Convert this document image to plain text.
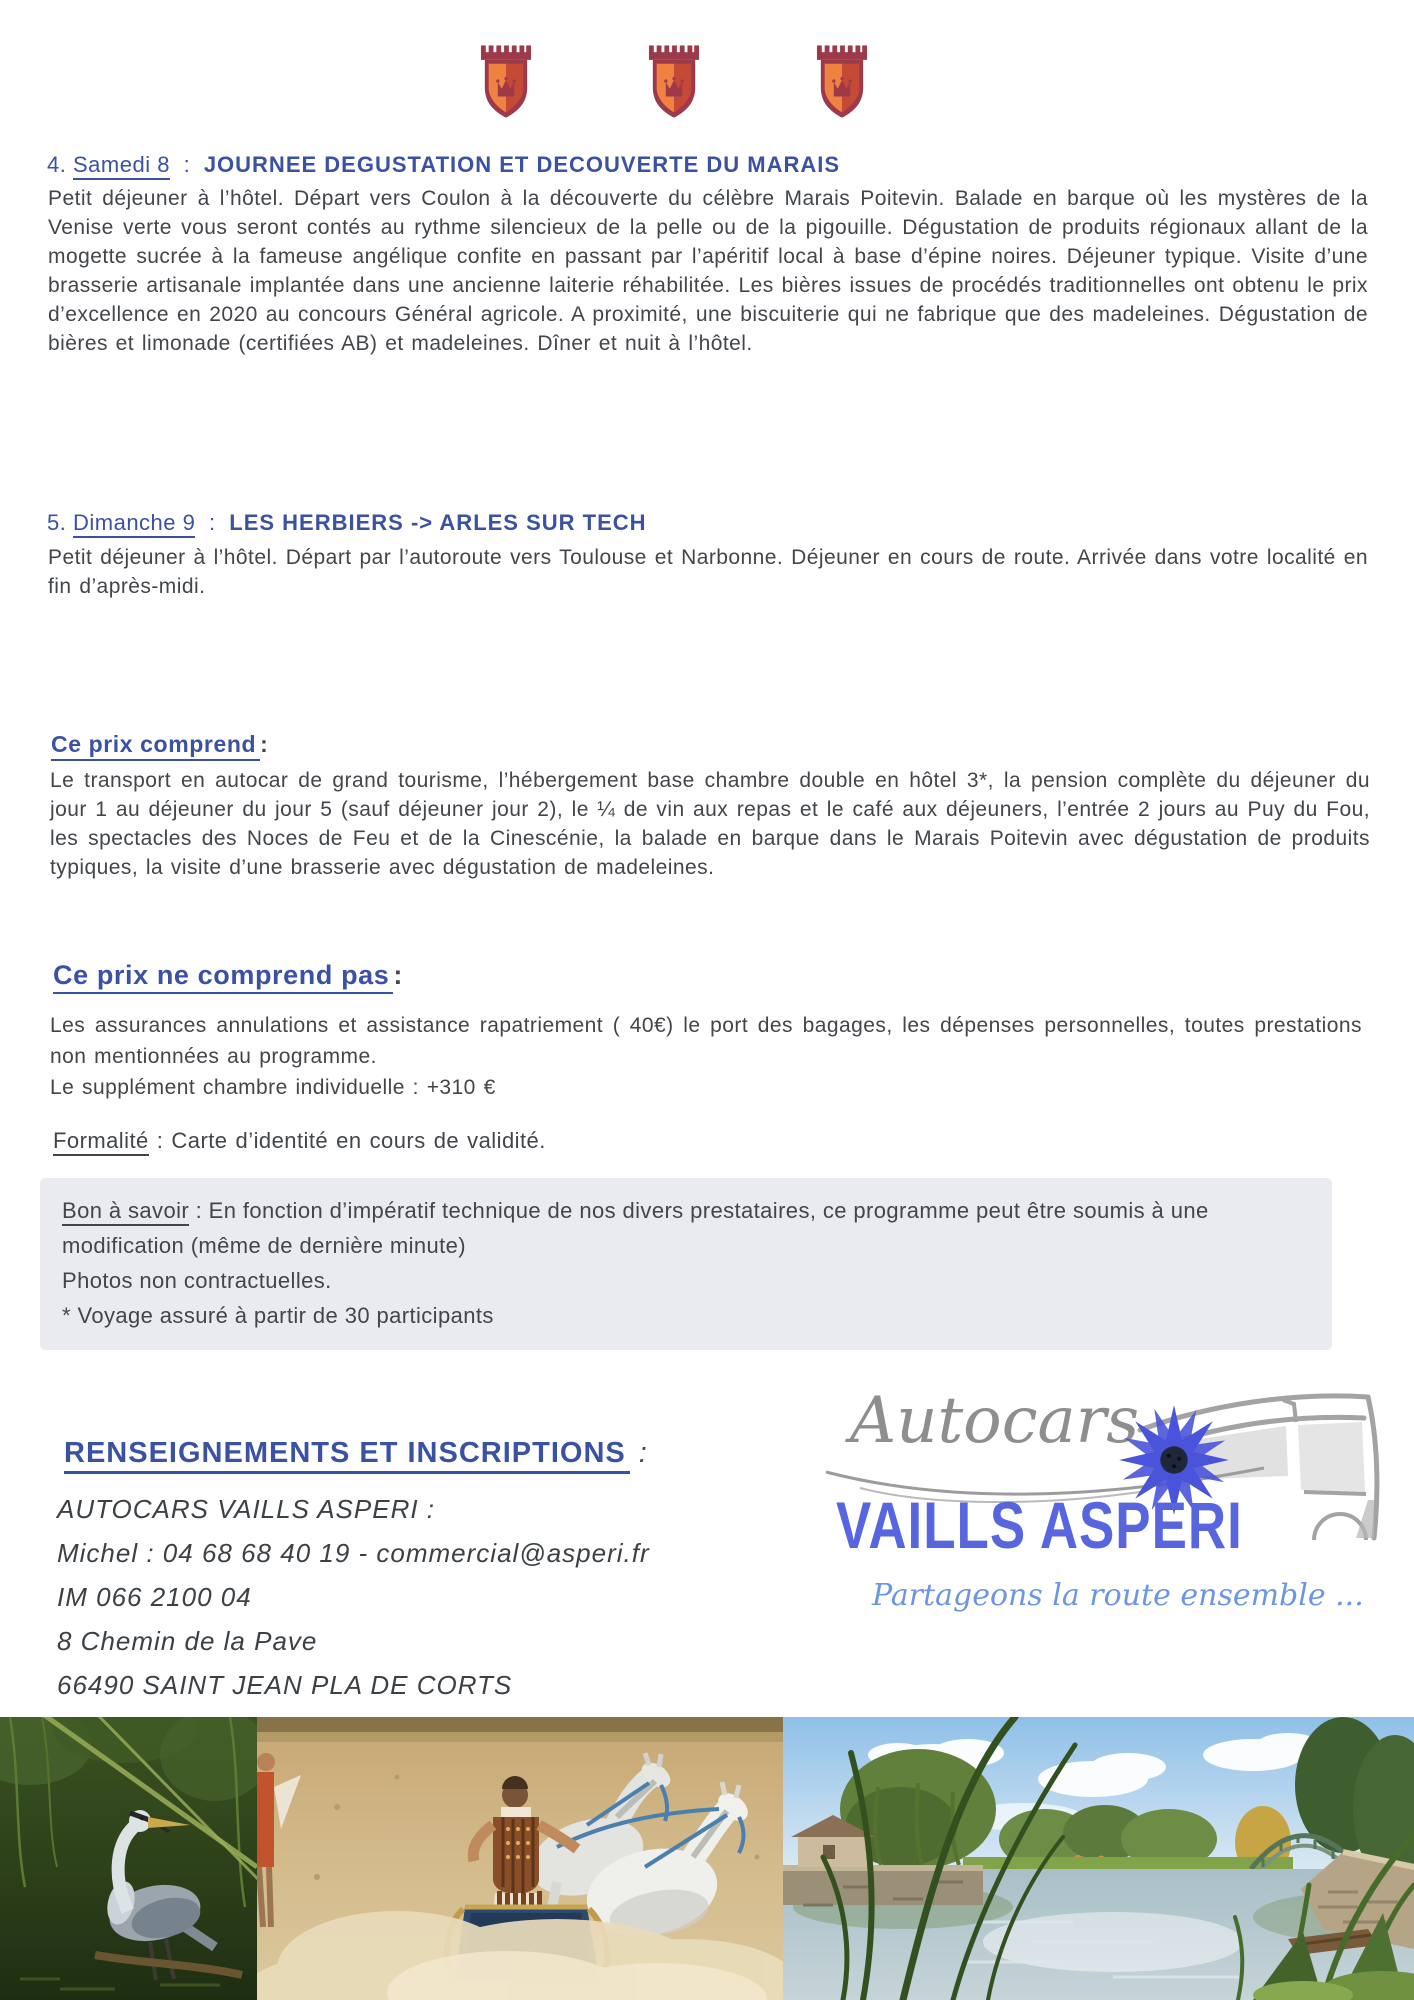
4. Samedi 8 : JOURNEE DEGUSTATION ET DECOUVERTE DU MARAIS

Petit déjeuner à l’hôtel. Départ vers Coulon à la découverte du célèbre Marais Poitevin. Balade en barque où les mystères de la Venise verte vous seront contés au rythme silencieux de la pelle ou de la pigouille. Dégustation de produits régionaux allant de la mogette sucrée à la fameuse angélique confite en passant par l’apéritif local à base d’épine noires. Déjeuner typique. Visite d’une brasserie artisanale implantée dans une ancienne laiterie réhabilitée. Les bières issues de procédés traditionnelles ont obtenu le prix d’excellence en 2020 au concours Général agricole. A proximité, une biscuiterie qui ne fabrique que des madeleines. Dégustation de bières et limonade (certifiées AB) et madeleines. Dîner et nuit à l’hôtel.

5. Dimanche 9 : LES HERBIERS -> ARLES SUR TECH

Petit déjeuner à l’hôtel. Départ par l’autoroute vers Toulouse et Narbonne. Déjeuner en cours de route. Arrivée dans votre localité en fin d’après-midi.

Ce prix comprend :

Le transport en autocar de grand tourisme, l’hébergement base chambre double en hôtel 3*, la pension complète du déjeuner du jour 1 au déjeuner du jour 5 (sauf déjeuner jour 2), le ¼ de vin aux repas et le café aux déjeuners, l’entrée 2 jours au Puy du Fou, les spectacles des Noces de Feu et de la Cinescénie, la balade en barque dans le Marais Poitevin avec dégustation de produits typiques, la visite d’une brasserie avec dégustation de madeleines.

Ce prix ne comprend pas :
Les assurances annulations et assistance rapatriement ( 40€) le port des bagages, les dépenses personnelles, toutes prestations non mentionnées au programme.
Le supplément chambre individuelle : +310 €
Formalité : Carte d’identité en cours de validité.
Bon à savoir : En fonction d’impératif technique de nos divers prestataires, ce programme peut être soumis à une modification (même de dernière minute)
Photos non contractuelles.
* Voyage assuré à partir de 30 participants
RENSEIGNEMENTS ET INSCRIPTIONS :
AUTOCARS VAILLS ASPERI :
Michel : 04 68 68 40 19 - commercial@asperi.fr
IM 066 2100 04
8 Chemin de la Pave
66490 SAINT JEAN PLA DE CORTS
Autocars
VAILLS ASPERI
Partageons la route ensemble ...
